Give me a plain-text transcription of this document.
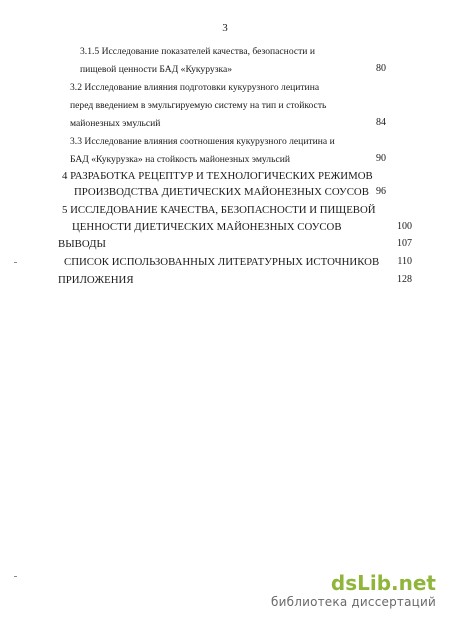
3
3.1.5 Исследование показателей качества, безопасности и
пищевой ценности БАД «Кукурузка»	80
3.2 Исследование влияния подготовки кукурузного лецитина
перед введением в эмульгируемую систему на тип и стойкость
майонезных эмульсий	84
3.3 Исследование влияния соотношения кукурузного лецитина и
БАД «Кукурузка» на стойкость майонезных эмульсий	90
4 РАЗРАБОТКА РЕЦЕПТУР И ТЕХНОЛОГИЧЕСКИХ РЕЖИМОВ
ПРОИЗВОДСТВА ДИЕТИЧЕСКИХ МАЙОНЕЗНЫХ СОУСОВ 96
5 ИССЛЕДОВАНИЕ КАЧЕСТВА, БЕЗОПАСНОСТИ И ПИЩЕВОЙ
ЦЕННОСТИ ДИЕТИЧЕСКИХ МАЙОНЕЗНЫХ СОУСОВ	100
ВЫВОДЫ	107
СПИСОК ИСПОЛЬЗОВАННЫХ ЛИТЕРАТУРНЫХ ИСТОЧНИКОВ	110
ПРИЛОЖЕНИЯ	128
dsLib.net
библиотека диссертаций
